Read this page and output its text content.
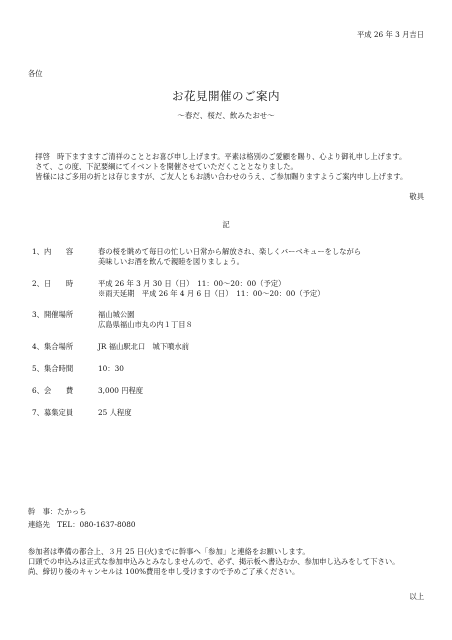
平成 26 年 3 月吉日
各位
お花見開催のご案内
〜春だ、桜だ、飲みたおせ〜

拝啓　時下ますますご清祥のこととお喜び申し上げます。平素は格別のご愛顧を賜り、心より御礼申し上げます。

さて、この度、下記要綱にてイベントを開催させていただくこととなりました。

皆様にはご多用の折とは存じますが、ご友人ともお誘い合わせのうえ、ご参加賜りますようご案内申し上げます。

敬具
記
1、内　　容	春の桜を眺めて毎日の忙しい日常から解放され、楽しくバーベキューをしながら

美味しいお酒を飲んで親睦を図りましょう。

2、日　　時	平成 26 年 3 月 30 日（日）　11：00〜20：00（予定）

※雨天延期　平成 26 年 4 月 6 日（日）　11：00〜20：00（予定）

3、開催場所	福山城公園

広島県福山市丸の内１丁目８

4、集合場所	JR 福山駅北口　城下噴水前

5、集合時間	10：30

6、会　　費	3,000 円程度

7、募集定員	25 人程度

幹　事：たかっち

連絡先　TEL：080-1637-8080

参加者は準備の都合上、３月 25 日(火)までに幹事へ「参加」と連絡をお願いします。

口頭での申込みは正式な参加申込みとみなしませんので、必ず、掲示板へ書込むか、参加申し込みをして下さい。

尚、締切り後のキャンセルは 100%費用を申し受けますので予めご了承ください。

以上
